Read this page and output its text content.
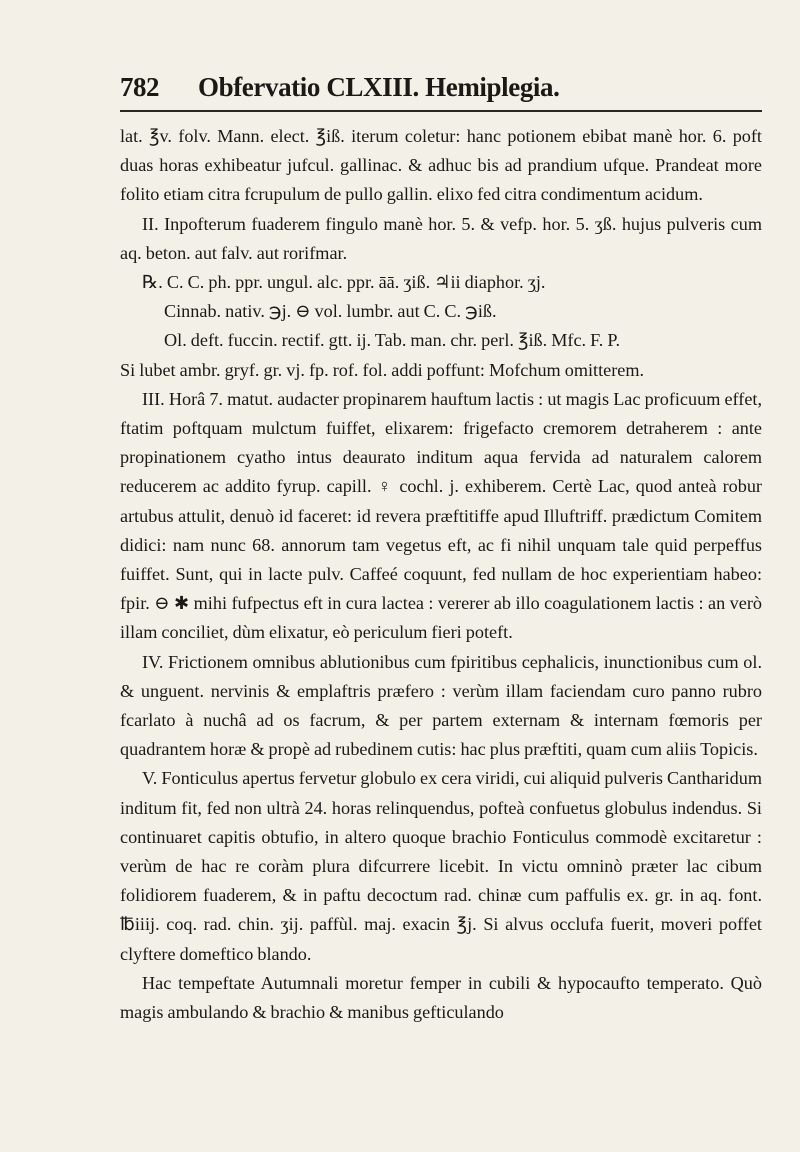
782 Obfervatio CLXIII. Hemiplegia.

lat. ℥v. folv. Mann. elect. ℥iß. iterum coletur: hanc potionem ebibat manè hor. 6. poft duas horas exhibeatur jufcul. gallinac. & adhuc bis ad prandium ufque. Prandeat more folito etiam citra fcrupulum de pullo gallin. elixo fed citra condimentum acidum.

II. Inpofterum fuaderem fingulo manè hor. 5. & vefp. hor. 5. ʒß. hujus pulveris cum aq. beton. aut falv. aut rorifmar.

℞. C. C. ph. ppr. ungul. alc. ppr. āā. ʒiß. ♃ii diaphor. ʒj.

Cinnab. nativ. ℈j. ⊖ vol. lumbr. aut C. C. ℈iß.

Ol. deft. fuccin. rectif. gtt. ij. Tab. man. chr. perl. ℥iß. Mfc. F. P.

Si lubet ambr. gryf. gr. vj. fp. rof. fol. addi poffunt: Mofchum omitterem.

III. Horâ 7. matut. audacter propinarem hauftum lactis : ut magis Lac proficuum effet, ftatim poftquam mulctum fuiffet, elixarem: frigefacto cremorem detraherem : ante propinationem cyatho intus deaurato inditum aqua fervida ad naturalem calorem reducerem ac addito fyrup. capill. ♀ cochl. j. exhiberem. Certè Lac, quod anteà robur artubus attulit, denuò id faceret: id revera præftitiffe apud Illuftriff. prædictum Comitem didici: nam nunc 68. annorum tam vegetus eft, ac fi nihil unquam tale quid perpeffus fuiffet. Sunt, qui in lacte pulv. Caffeé coquunt, fed nullam de hoc experientiam habeo: fpir. ⊖ ✱ mihi fufpectus eft in cura lactea : vererer ab illo coagulationem lactis : an verò illam conciliet, dùm elixatur, eò periculum fieri poteft.

IV. Frictionem omnibus ablutionibus cum fpiritibus cephalicis, inunctionibus cum ol. & unguent. nervinis & emplaftris præfero : verùm illam faciendam curo panno rubro fcarlato à nuchâ ad os facrum, & per partem externam & internam fœmoris per quadrantem horæ & propè ad rubedinem cutis: hac plus præftiti, quam cum aliis Topicis.

V. Fonticulus apertus fervetur globulo ex cera viridi, cui aliquid pulveris Cantharidum inditum fit, fed non ultrà 24. horas relinquendus, pofteà confuetus globulus indendus. Si continuaret capitis obtufio, in altero quoque brachio Fonticulus commodè excitaretur : verùm de hac re coràm plura difcurrere licebit. In victu omninò præter lac cibum folidiorem fuaderem, & in paftu decoctum rad. chinæ cum paffulis ex. gr. in aq. font. ℔iiij. coq. rad. chin. ʒij. paffùl. maj. exacin ℥j. Si alvus occlufa fuerit, moveri poffet clyftere domeftico blando.

Hac tempeftate Autumnali moretur femper in cubili & hypocaufto temperato. Quò magis ambulando & brachio & manibus gefticulando
